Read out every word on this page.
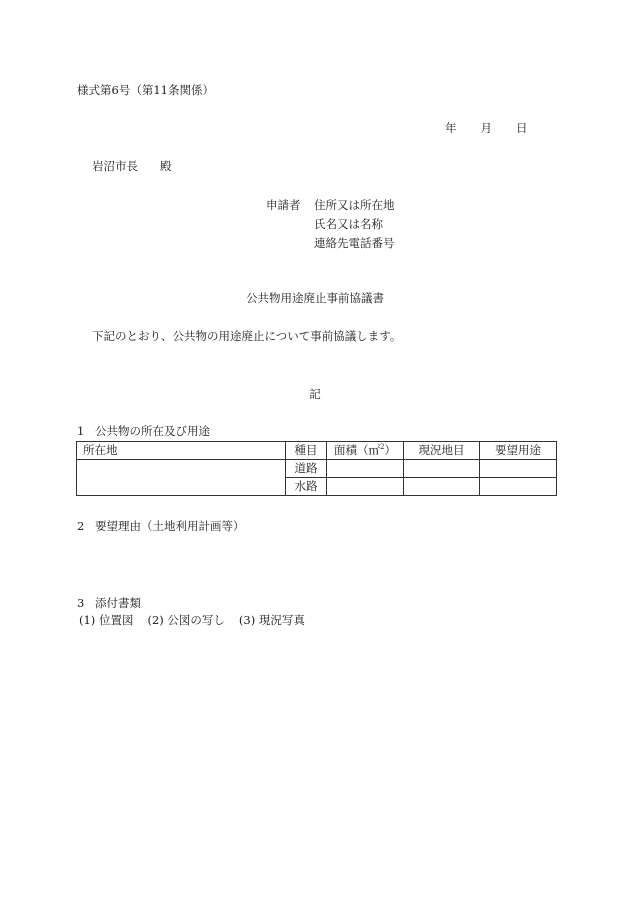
様式第6号（第11条関係）
年 月 日
岩沼市長 殿
申請者 住所又は所在地
氏名又は名称
連絡先電話番号
公共物用途廃止事前協議書
下記のとおり、公共物の用途廃止について事前協議します。
記
1 公共物の所在及び用途
所在地	種目	面積（㎡$^2$）	現況地目	要望用途
	道路			
	水路			
2 要望理由（土地利用計画等）
3 添付書類
(1) 位置図 (2) 公図の写し (3) 現況写真
